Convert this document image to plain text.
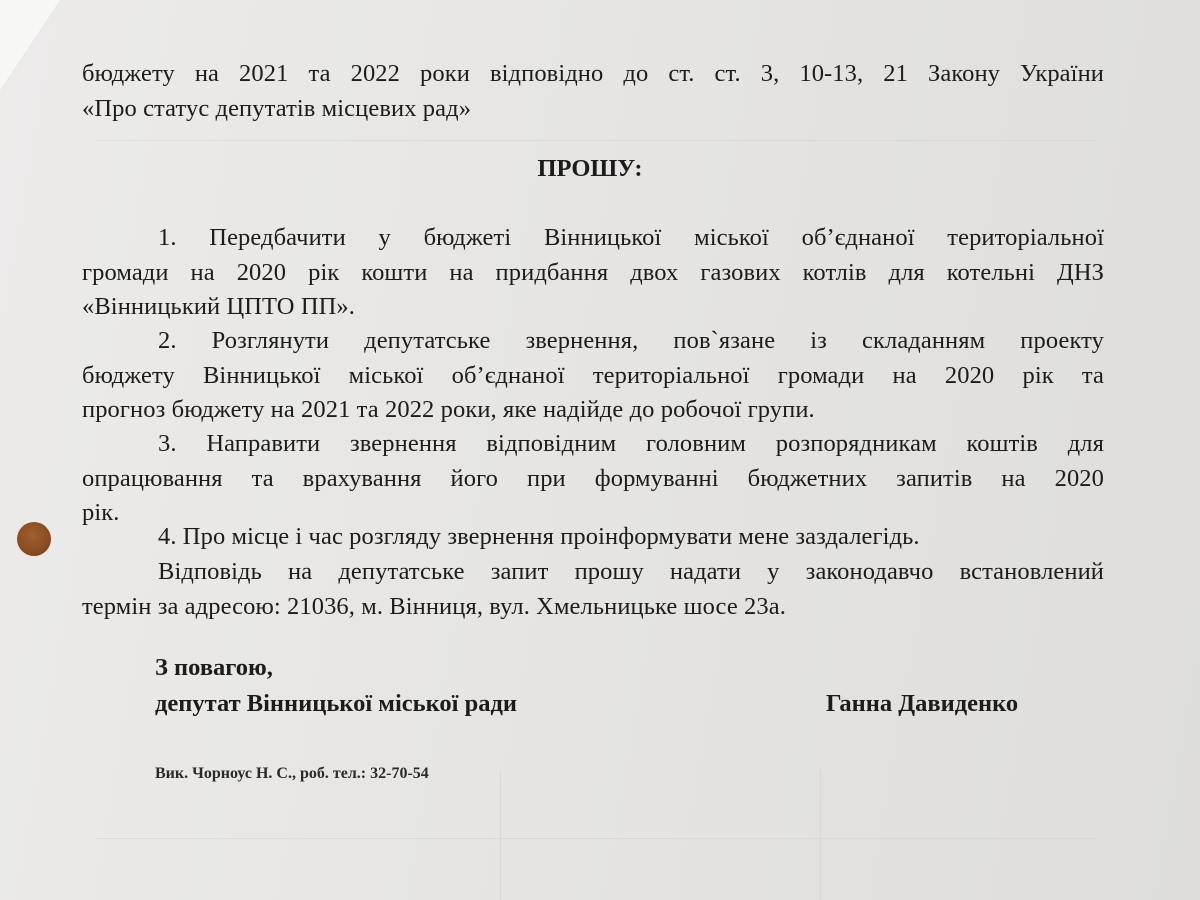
бюджету на 2021 та 2022 роки відповідно до ст. ст. 3, 10-13, 21 Закону України
«Про статус депутатів місцевих рад»
ПРОШУ:
1. Передбачити у бюджеті Вінницької міської об’єднаної територіальної
громади на 2020 рік кошти на придбання двох газових котлів для котельні ДНЗ
«Вінницький ЦПТО ПП».
2. Розглянути депутатське звернення, пов`язане із складанням проекту
бюджету Вінницької міської об’єднаної територіальної громади на 2020 рік та
прогноз бюджету на 2021 та 2022 роки, яке надійде до робочої групи.
3. Направити звернення відповідним головним розпорядникам коштів для
опрацювання та врахування його при формуванні бюджетних запитів на 2020
рік.
4. Про місце і час розгляду звернення проінформувати мене заздалегідь.
Відповідь на депутатське запит прошу надати у законодавчо встановлений
термін за адресою: 21036, м. Вінниця, вул. Хмельницьке шосе 23а.
З повагою,
депутат Вінницької міської ради	Ганна Давиденко
Вик. Чорноус Н. С., роб. тел.: 32-70-54
